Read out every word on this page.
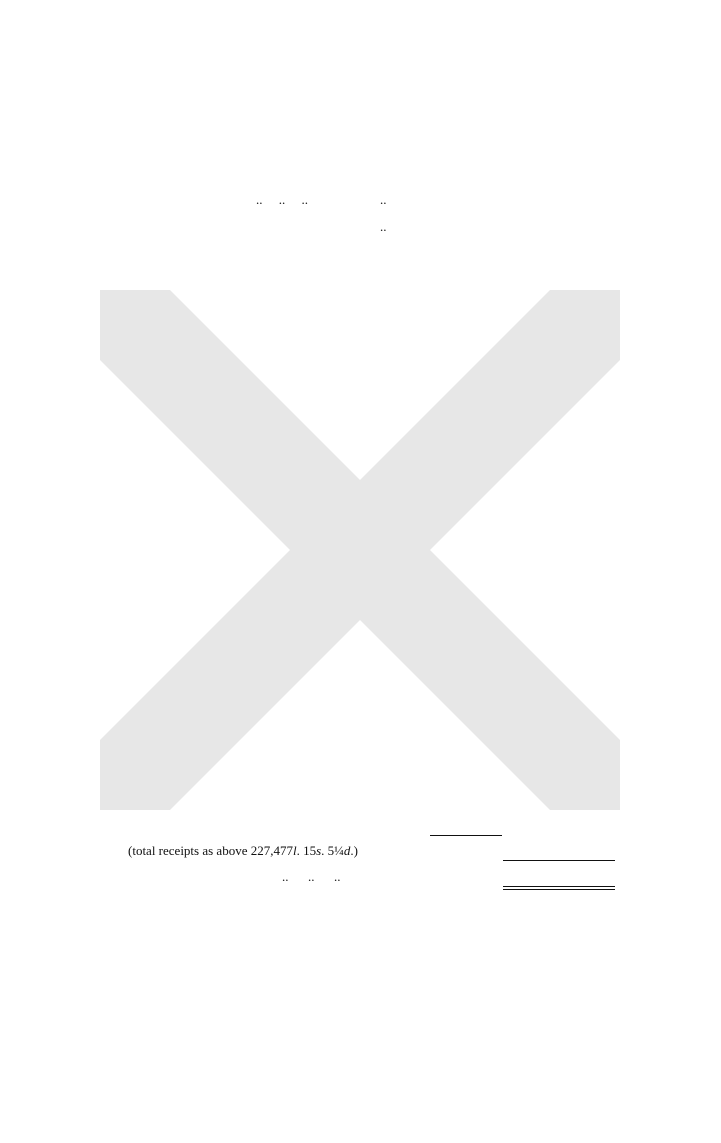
..     ..     ..	..
..
(total receipts as above 227,477l. 15s. 5¼d.)
..      ..      ..
